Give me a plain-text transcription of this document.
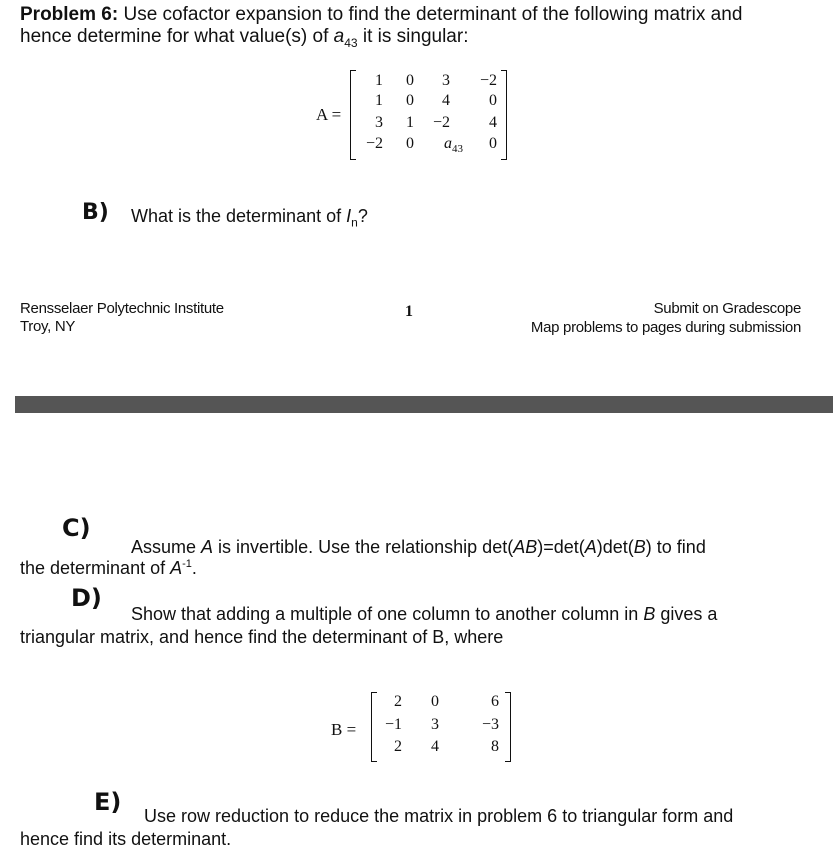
Problem 6: Use cofactor expansion to find the determinant of the following matrix and
hence determine for what value(s) of $a_{43}$ it is singular:
A =
1 0 3 −2
1 0 4 0
3 1 −2 4
−2 0 $a_{43}$ 0
B) What is the determinant of $I_n$?
Rensselaer Polytechnic Institute
Troy, NY
1	Submit on Gradescope
Map problems to pages during submission
C)
Assume A is invertible. Use the relationship det(AB)=det(A)det(B) to find
the determinant of $A^{-1}$.
D)
Show that adding a multiple of one column to another column in B gives a
triangular matrix, and hence find the determinant of B, where
B =
2 0	6
−1 3	−3
2 4	8
E) Use row reduction to reduce the matrix in problem 6 to triangular form and
hence find its determinant.
